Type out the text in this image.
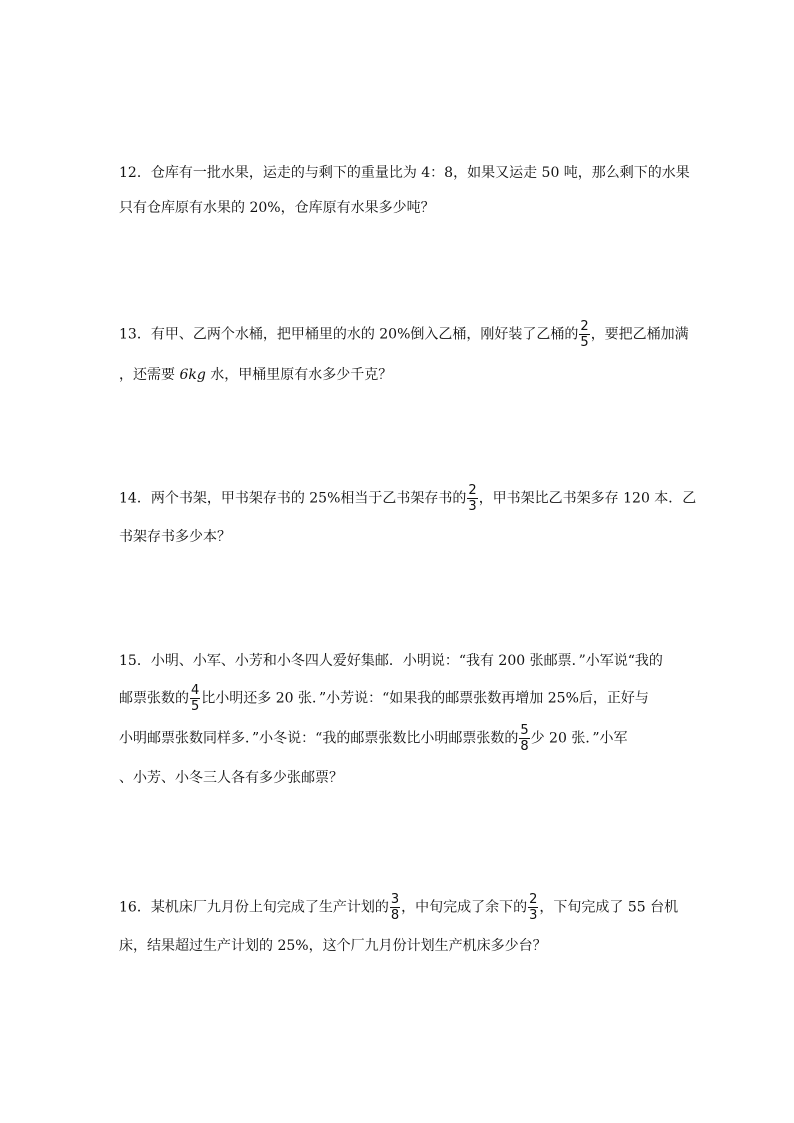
12．仓库有一批水果，运走的与剩下的重量比为 4：8，如果又运走 50 吨，那么剩下的水果
只有仓库原有水果的 20%，仓库原有水果多少吨？
13．有甲、乙两个水桶，把甲桶里的水的 20%倒入乙桶，刚好装了乙桶的 $\frac{2}{5}$ ，要把乙桶加满
，还需要 6kg 水，甲桶里原有水多少千克？
14．两个书架，甲书架存书的 25%相当于乙书架存书的 $\frac{2}{3}$ ，甲书架比乙书架多存 120 本．乙
书架存书多少本？
15．小明、小军、小芳和小冬四人爱好集邮．小明说：“我有 200 张邮票．”小军说“我的
邮票张数的 $\frac{4}{5}$ 比小明还多 20 张．”小芳说：“如果我的邮票张数再增加 25%后，正好与
小明邮票张数同样多．”小冬说：“我的邮票张数比小明邮票张数的 $\frac{5}{8}$ 少 20 张．”小军
、小芳、小冬三人各有多少张邮票？
16．某机床厂九月份上旬完成了生产计划的 $\frac{3}{8}$ ，中旬完成了余下的 $\frac{2}{3}$ ，下旬完成了 55 台机
床，结果超过生产计划的 25%，这个厂九月份计划生产机床多少台？
